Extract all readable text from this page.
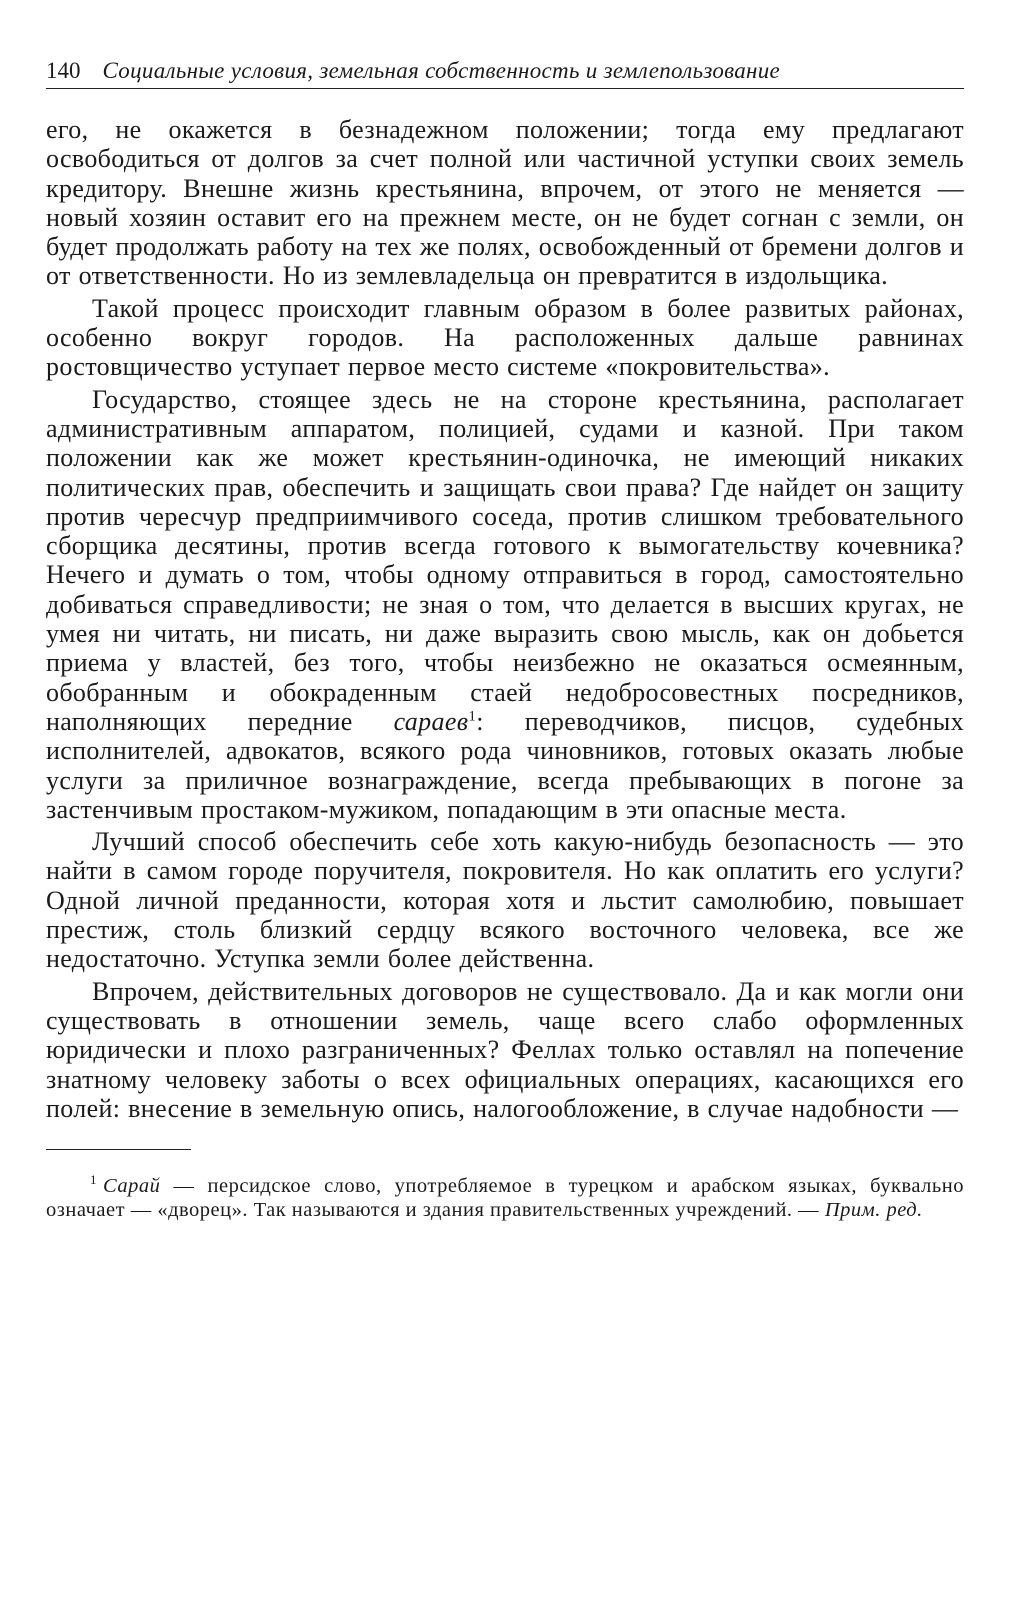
140 Социальные условия, земельная собственность и землепользование

его, не окажется в безнадежном положении; тогда ему предлагают освободиться от долгов за счет полной или частичной уступки своих земель кредитору. Внешне жизнь крестьянина, впрочем, от этого не меняется — новый хозяин оставит его на прежнем месте, он не будет согнан с земли, он будет продолжать работу на тех же полях, освобожденный от бремени долгов и от ответственности. Но из землевладельца он превратится в издольщика.

Такой процесс происходит главным образом в более развитых районах, особенно вокруг городов. На расположенных дальше равнинах ростовщичество уступает первое место системе «покровительства».

Государство, стоящее здесь не на стороне крестьянина, располагает административным аппаратом, полицией, судами и казной. При таком положении как же может крестьянин-одиночка, не имеющий никаких политических прав, обеспечить и защищать свои права? Где найдет он защиту против чересчур предприимчивого соседа, против слишком требовательного сборщика десятины, против всегда готового к вымогательству кочевника? Нечего и думать о том, чтобы одному отправиться в город, самостоятельно добиваться справедливости; не зная о том, что делается в высших кругах, не умея ни читать, ни писать, ни даже выразить свою мысль, как он добьется приема у властей, без того, чтобы неизбежно не оказаться осмеянным, обобранным и обокраденным стаей недобросовестных посредников, наполняющих передние сараев$^1$: переводчиков, писцов, судебных исполнителей, адвокатов, всякого рода чиновников, готовых оказать любые услуги за приличное вознаграждение, всегда пребывающих в погоне за застенчивым простаком-мужиком, попадающим в эти опасные места.

Лучший способ обеспечить себе хоть какую-нибудь безопасность — это найти в самом городе поручителя, покровителя. Но как оплатить его услуги? Одной личной преданности, которая хотя и льстит самолюбию, повышает престиж, столь близкий сердцу всякого восточного человека, все же недостаточно. Уступка земли более действенна.

Впрочем, действительных договоров не существовало. Да и как могли они существовать в отношении земель, чаще всего слабо оформленных юридически и плохо разграниченных? Феллах только оставлял на попечение знатному человеку заботы о всех официальных операциях, касающихся его полей: внесение в земельную опись, налогообложение, в случае надобности —

$^1$ Сарай — персидское слово, употребляемое в турецком и арабском языках, буквально означает — «дворец». Так называются и здания правительственных учреждений. — Прим. ред.
